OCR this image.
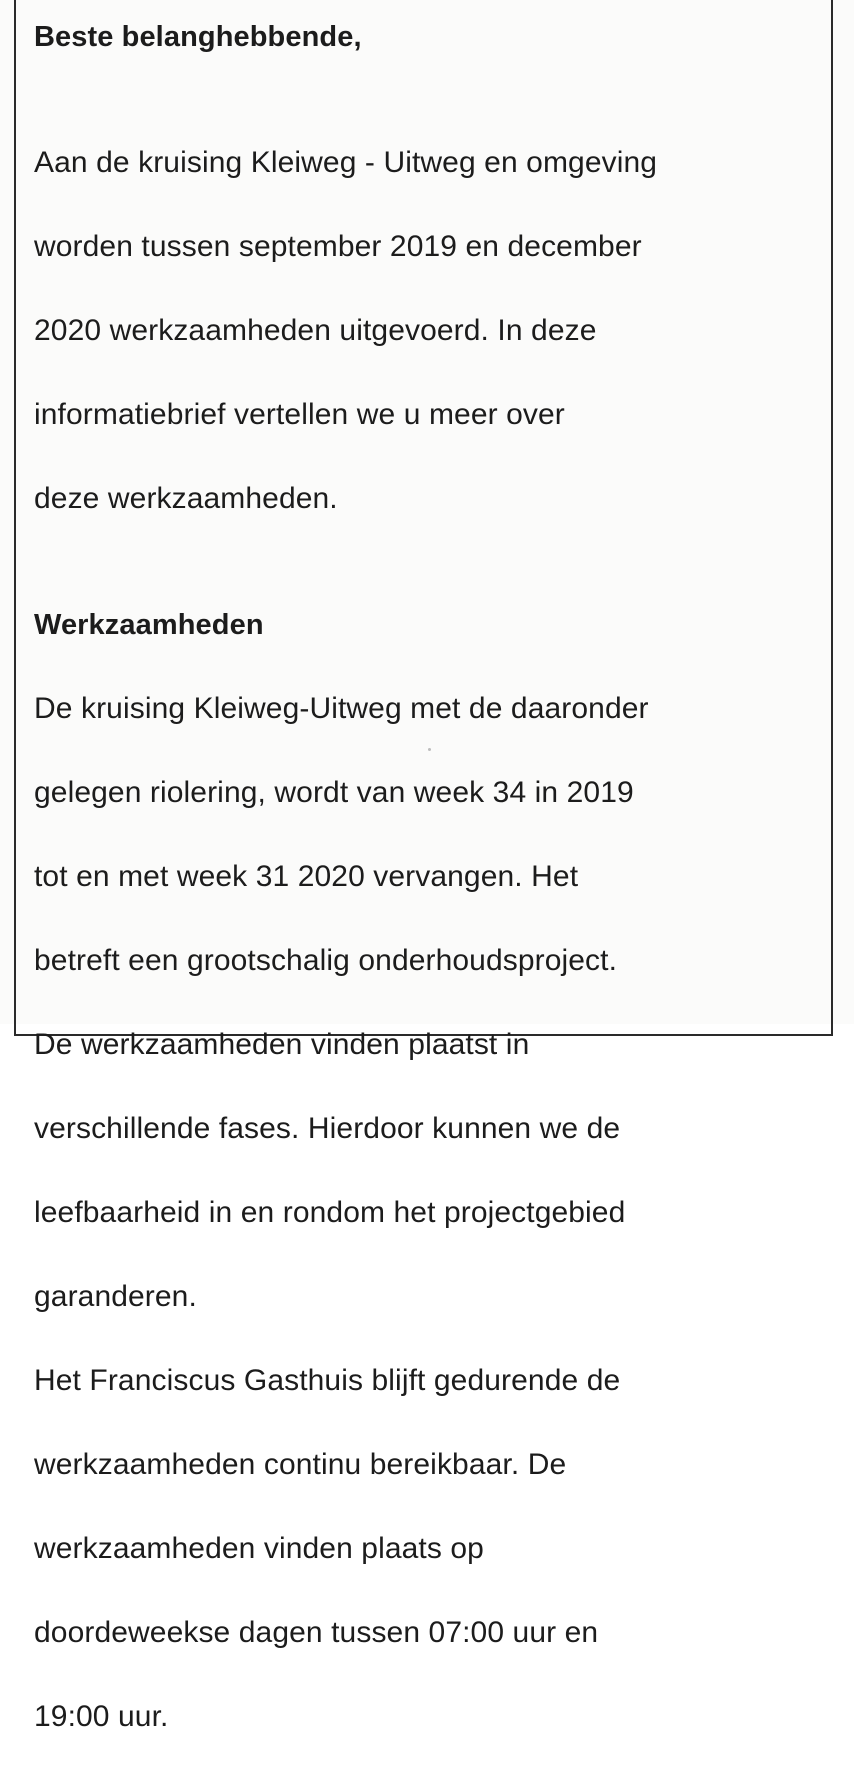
Beste belanghebbende,

Aan de kruising Kleiweg - Uitweg en omgeving

worden tussen september 2019 en december

2020 werkzaamheden uitgevoerd. In deze

informatiebrief vertellen we u meer over

deze werkzaamheden.

Werkzaamheden

De kruising Kleiweg-Uitweg met de daaronder

gelegen riolering, wordt van week 34 in 2019

tot en met week 31 2020 vervangen. Het

betreft een grootschalig onderhoudsproject.

De werkzaamheden vinden plaatst in

verschillende fases. Hierdoor kunnen we de

leefbaarheid in en rondom het projectgebied

garanderen.

Het Franciscus Gasthuis blijft gedurende de

werkzaamheden continu bereikbaar. De

werkzaamheden vinden plaats op

doordeweekse dagen tussen 07:00 uur en

19:00 uur.
